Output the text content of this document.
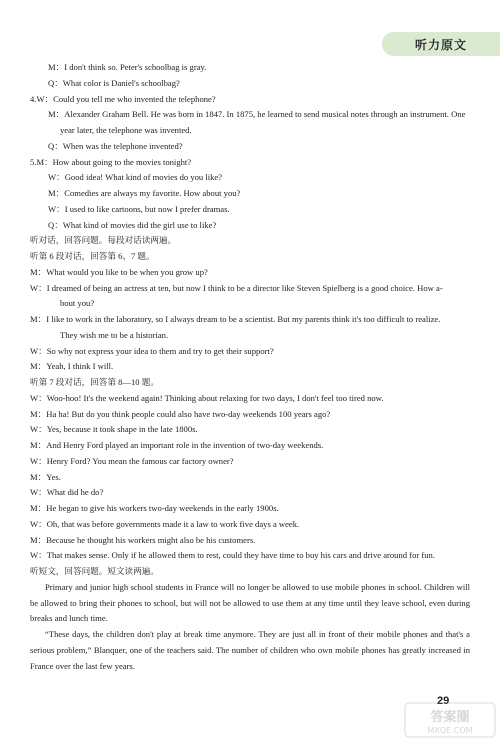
听力原文
M：I don't think so. Peter's schoolbag is gray.
Q：What color is Daniel's schoolbag?
4.W：Could you tell me who invented the telephone?
M：Alexander Graham Bell. He was born in 1847. In 1875, he learned to send musical notes through an instrument. One
year later, the telephone was invented.
Q：When was the telephone invented?
5.M：How about going to the movies tonight?
W：Good idea! What kind of movies do you like?
M：Comedies are always my favorite. How about you?
W：I used to like cartoons, but now I prefer dramas.
Q：What kind of movies did the girl use to like?
听对话，回答问题。每段对话读两遍。
听第 6 段对话，回答第 6、7 题。
M：What would you like to be when you grow up?
W：I dreamed of being an actress at ten, but now I think to be a director like Steven Spielberg is a good choice. How a-
bout you?
M：I like to work in the laboratory, so I always dream to be a scientist. But my parents think it's too difficult to realize.
They wish me to be a historian.
W：So why not express your idea to them and try to get their support?
M：Yeah, I think I will.
听第 7 段对话，回答第 8—10 题。
W：Woo-hoo! It's the weekend again! Thinking about relaxing for two days, I don't feel too tired now.
M：Ha ha! But do you think people could also have two-day weekends 100 years ago?
W：Yes, because it took shape in the late 1800s.
M：And Henry Ford played an important role in the invention of two-day weekends.
W：Henry Ford? You mean the famous car factory owner?
M：Yes.
W：What did he do?
M：He began to give his workers two-day weekends in the early 1900s.
W：Oh, that was before governments made it a law to work five days a week.
M：Because he thought his workers might also be his customers.
W：That makes sense. Only if he allowed them to rest, could they have time to buy his cars and drive around for fun.
听短文，回答问题。短文读两遍。
Primary and junior high school students in France will no longer be allowed to use mobile phones in school. Children will be allowed to bring their phones to school, but will not be allowed to use them at any time until they leave school, even during breaks and lunch time.
“These days, the children don't play at break time anymore. They are just all in front of their mobile phones and that's a serious problem,” Blanquer, one of the teachers said. The number of children who own mobile phones has greatly increased in France over the last few years.
29
答案圈
MXQE.COM
